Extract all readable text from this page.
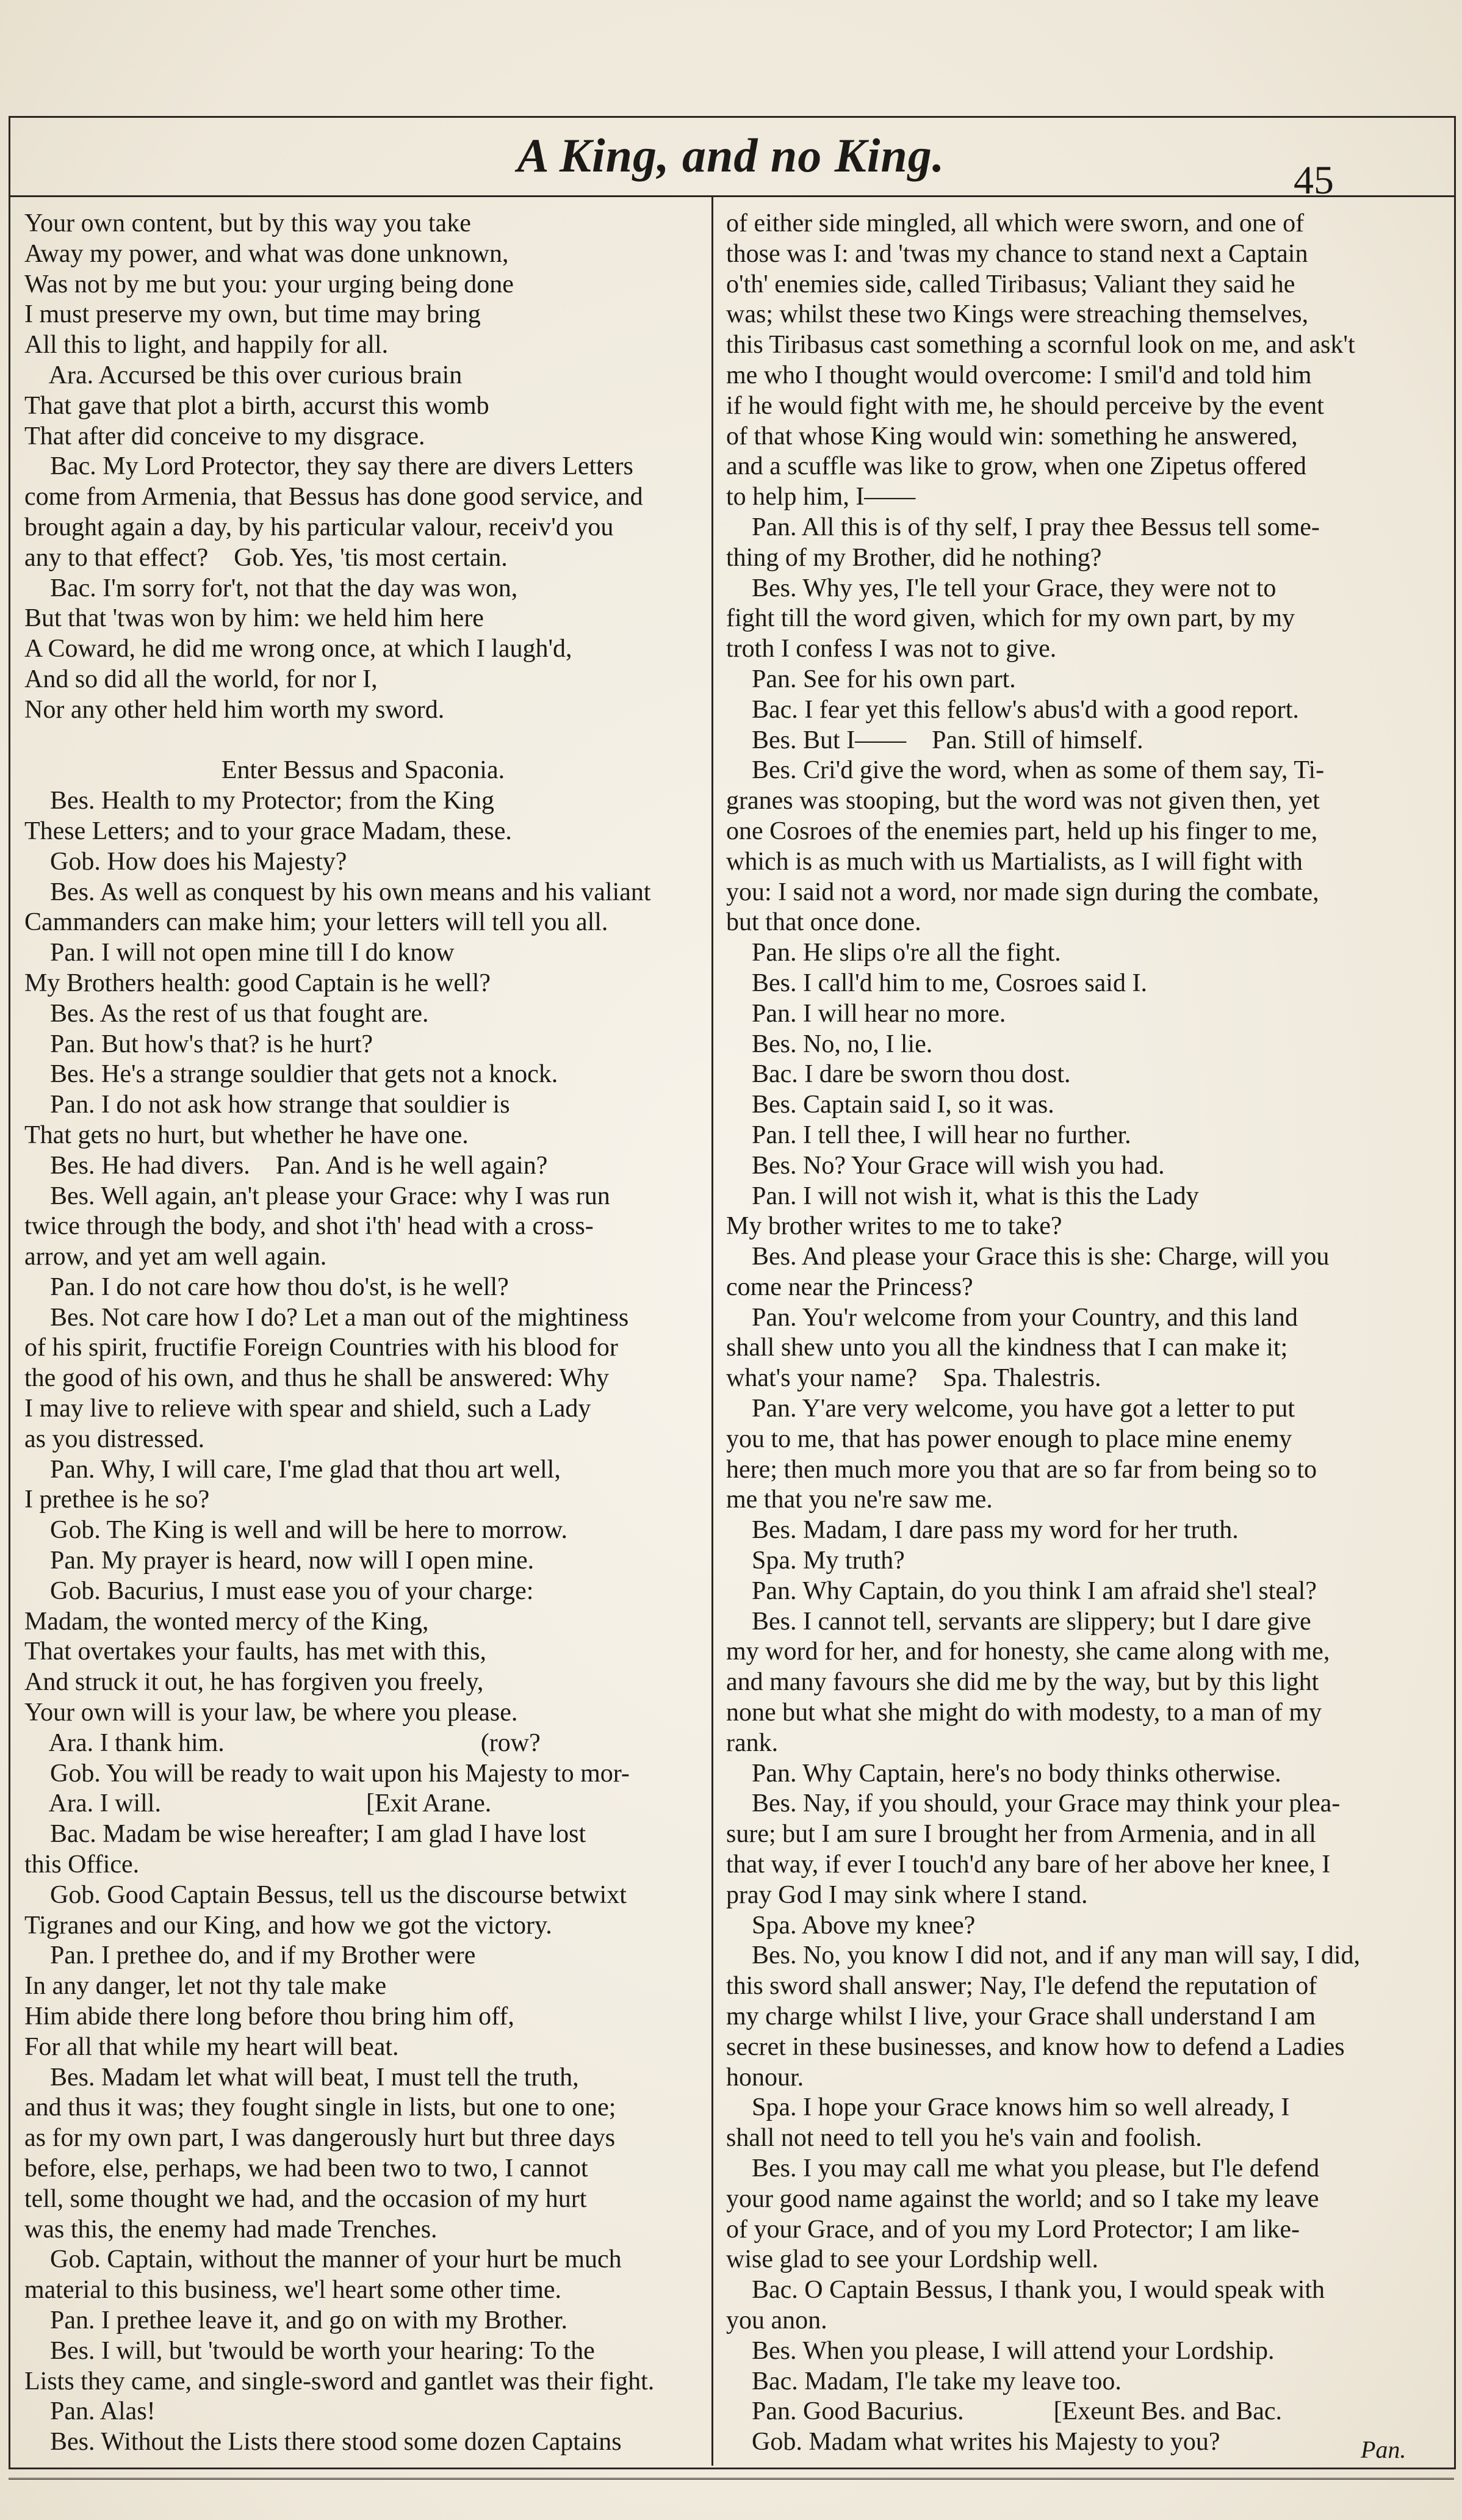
A King, and no King.	45
Your own content, but by this way you take
Away my power, and what was done unknown,
Was not by me but you: your urging being done
I must preserve my own, but time may bring
All this to light, and happily for all.
Ara. Accursed be this over curious brain
That gave that plot a birth, accurst this womb
That after did conceive to my disgrace.
Bac. My Lord Protector, they say there are divers Letters
come from Armenia, that Bessus has done good service, and
brought again a day, by his particular valour, receiv'd you
any to that effect?    Gob. Yes, 'tis most certain.
Bac. I'm sorry for't, not that the day was won,
But that 'twas won by him: we held him here
A Coward, he did me wrong once, at which I laugh'd,
And so did all the world, for nor I,
Nor any other held him worth my sword.
Enter Bessus and Spaconia.
Bes. Health to my Protector; from the King
These Letters; and to your grace Madam, these.
Gob. How does his Majesty?
Bes. As well as conquest by his own means and his valiant
Cammanders can make him; your letters will tell you all.
Pan. I will not open mine till I do know
My Brothers health: good Captain is he well?
Bes. As the rest of us that fought are.
Pan. But how's that? is he hurt?
Bes. He's a strange souldier that gets not a knock.
Pan. I do not ask how strange that souldier is
That gets no hurt, but whether he have one.
Bes. He had divers.    Pan. And is he well again?
Bes. Well again, an't please your Grace: why I was run
twice through the body, and shot i'th' head with a cross-
arrow, and yet am well again.
Pan. I do not care how thou do'st, is he well?
Bes. Not care how I do? Let a man out of the mightiness
of his spirit, fructifie Foreign Countries with his blood for
the good of his own, and thus he shall be answered: Why
I may live to relieve with spear and shield, such a Lady
as you distressed.
Pan. Why, I will care, I'me glad that thou art well,
I prethee is he so?
Gob. The King is well and will be here to morrow.
Pan. My prayer is heard, now will I open mine.
Gob. Bacurius, I must ease you of your charge:
Madam, the wonted mercy of the King,
That overtakes your faults, has met with this,
And struck it out, he has forgiven you freely,
Your own will is your law, be where you please.
Ara. I thank him.                                        (row?
Gob. You will be ready to wait upon his Majesty to mor-
Ara. I will.                                [Exit Arane.
Bac. Madam be wise hereafter; I am glad I have lost
this Office.
Gob. Good Captain Bessus, tell us the discourse betwixt
Tigranes and our King, and how we got the victory.
Pan. I prethee do, and if my Brother were
In any danger, let not thy tale make
Him abide there long before thou bring him off,
For all that while my heart will beat.
Bes. Madam let what will beat, I must tell the truth,
and thus it was; they fought single in lists, but one to one;
as for my own part, I was dangerously hurt but three days
before, else, perhaps, we had been two to two, I cannot
tell, some thought we had, and the occasion of my hurt
was this, the enemy had made Trenches.
Gob. Captain, without the manner of your hurt be much
material to this business, we'l heart some other time.
Pan. I prethee leave it, and go on with my Brother.
Bes. I will, but 'twould be worth your hearing: To the
Lists they came, and single-sword and gantlet was their fight.
Pan. Alas!
Bes. Without the Lists there stood some dozen Captains
of either side mingled, all which were sworn, and one of
those was I: and 'twas my chance to stand next a Captain
o'th' enemies side, called Tiribasus; Valiant they said he
was; whilst these two Kings were streaching themselves,
this Tiribasus cast something a scornful look on me, and ask't
me who I thought would overcome: I smil'd and told him
if he would fight with me, he should perceive by the event
of that whose King would win: something he answered,
and a scuffle was like to grow, when one Zipetus offered
to help him, I——
Pan. All this is of thy self, I pray thee Bessus tell some-
thing of my Brother, did he nothing?
Bes. Why yes, I'le tell your Grace, they were not to
fight till the word given, which for my own part, by my
troth I confess I was not to give.
Pan. See for his own part.
Bac. I fear yet this fellow's abus'd with a good report.
Bes. But I——    Pan. Still of himself.
Bes. Cri'd give the word, when as some of them say, Ti-
granes was stooping, but the word was not given then, yet
one Cosroes of the enemies part, held up his finger to me,
which is as much with us Martialists, as I will fight with
you: I said not a word, nor made sign during the combate,
but that once done.
Pan. He slips o're all the fight.
Bes. I call'd him to me, Cosroes said I.
Pan. I will hear no more.
Bes. No, no, I lie.
Bac. I dare be sworn thou dost.
Bes. Captain said I, so it was.
Pan. I tell thee, I will hear no further.
Bes. No? Your Grace will wish you had.
Pan. I will not wish it, what is this the Lady
My brother writes to me to take?
Bes. And please your Grace this is she: Charge, will you
come near the Princess?
Pan. You'r welcome from your Country, and this land
shall shew unto you all the kindness that I can make it;
what's your name?    Spa. Thalestris.
Pan. Y'are very welcome, you have got a letter to put
you to me, that has power enough to place mine enemy
here; then much more you that are so far from being so to
me that you ne're saw me.
Bes. Madam, I dare pass my word for her truth.
Spa. My truth?
Pan. Why Captain, do you think I am afraid she'l steal?
Bes. I cannot tell, servants are slippery; but I dare give
my word for her, and for honesty, she came along with me,
and many favours she did me by the way, but by this light
none but what she might do with modesty, to a man of my
rank.
Pan. Why Captain, here's no body thinks otherwise.
Bes. Nay, if you should, your Grace may think your plea-
sure; but I am sure I brought her from Armenia, and in all
that way, if ever I touch'd any bare of her above her knee, I
pray God I may sink where I stand.
Spa. Above my knee?
Bes. No, you know I did not, and if any man will say, I did,
this sword shall answer; Nay, I'le defend the reputation of
my charge whilst I live, your Grace shall understand I am
secret in these businesses, and know how to defend a Ladies
honour.
Spa. I hope your Grace knows him so well already, I
shall not need to tell you he's vain and foolish.
Bes. I you may call me what you please, but I'le defend
your good name against the world; and so I take my leave
of your Grace, and of you my Lord Protector; I am like-
wise glad to see your Lordship well.
Bac. O Captain Bessus, I thank you, I would speak with
you anon.
Bes. When you please, I will attend your Lordship.
Bac. Madam, I'le take my leave too.
Pan. Good Bacurius.              [Exeunt Bes. and Bac.
Gob. Madam what writes his Majesty to you?	Pan.
